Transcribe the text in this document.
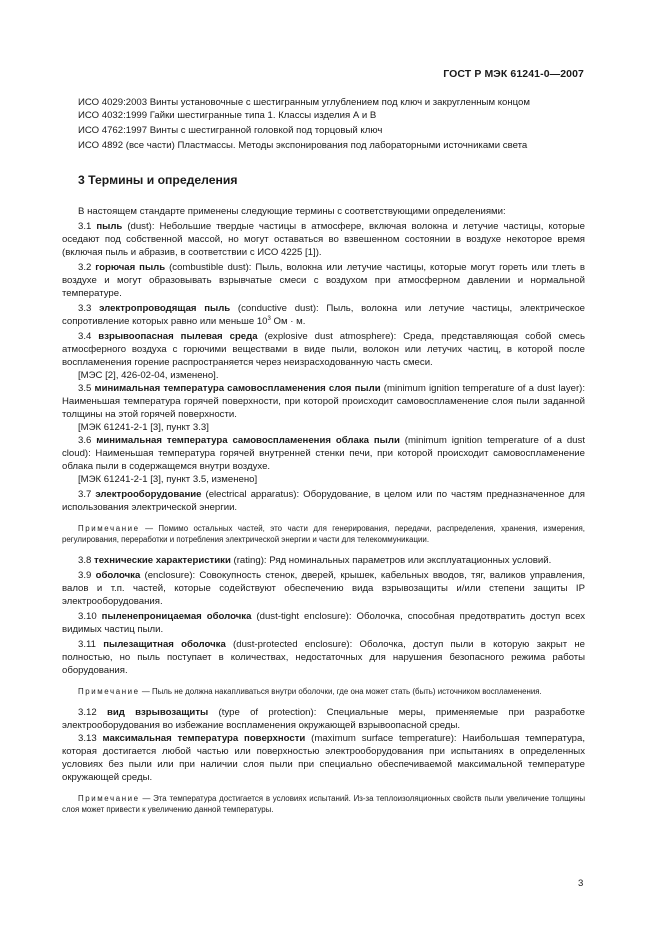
ГОСТ Р МЭК 61241-0—2007

ИСО 4029:2003 Винты установочные с шестигранным углублением под ключ и закругленным концом

ИСО 4032:1999 Гайки шестигранные типа 1. Классы изделия А и В

ИСО 4762:1997 Винты с шестигранной головкой под торцовый ключ

ИСО 4892 (все части) Пластмассы. Методы экспонирования под лабораторными источниками света

3 Термины и определения

В настоящем стандарте применены следующие термины с соответствующими определениями:

3.1 пыль (dust): Небольшие твердые частицы в атмосфере, включая волокна и летучие частицы, которые оседают под собственной массой, но могут оставаться во взвешенном состоянии в воздухе некоторое время (включая пыль и абразив, в соответствии с ИСО 4225 [1]).

3.2 горючая пыль (combustible dust): Пыль, волокна или летучие частицы, которые могут гореть или тлеть в воздухе и могут образовывать взрывчатые смеси с воздухом при атмосферном давлении и нормальной температуре.

3.3 электропроводящая пыль (conductive dust): Пыль, волокна или летучие частицы, электрическое сопротивление которых равно или меньше $10^3$ Ом · м.

3.4 взрывоопасная пылевая среда (explosive dust atmosphere): Среда, представляющая собой смесь атмосферного воздуха с горючими веществами в виде пыли, волокон или летучих частиц, в которой после воспламенения горение распространяется через неизрасходованную часть смеси.

[МЭС [2], 426-02-04, изменено].

3.5 минимальная температура самовоспламенения слоя пыли (minimum ignition temperature of a dust layer): Наименьшая температура горячей поверхности, при которой происходит самовоспламенение слоя пыли заданной толщины на этой горячей поверхности.

[МЭК 61241-2-1 [3], пункт 3.3]

3.6 минимальная температура самовоспламенения облака пыли (minimum ignition temperature of a dust cloud): Наименьшая температура горячей внутренней стенки печи, при которой происходит самовоспламенение облака пыли в содержащемся внутри воздухе.

[МЭК 61241-2-1 [3], пункт 3.5, изменено]

3.7 электрооборудование (electrical apparatus): Оборудование, в целом или по частям предназначенное для использования электрической энергии.

Примечание — Помимо остальных частей, это части для генерирования, передачи, распределения, хранения, измерения, регулирования, переработки и потребления электрической энергии и части для телекоммуникации.

3.8 технические характеристики (rating): Ряд номинальных параметров или эксплуатационных условий.

3.9 оболочка (enclosure): Совокупность стенок, дверей, крышек, кабельных вводов, тяг, валиков управления, валов и т.п. частей, которые содействуют обеспечению вида взрывозащиты и/или степени защиты IP электрооборудования.

3.10 пыленепроницаемая оболочка (dust-tight enclosure): Оболочка, способная предотвратить доступ всех видимых частиц пыли.

3.11 пылезащитная оболочка (dust-protected enclosure): Оболочка, доступ пыли в которую закрыт не полностью, но пыль поступает в количествах, недостаточных для нарушения безопасного режима работы оборудования.

Примечание — Пыль не должна накапливаться внутри оболочки, где она может стать (быть) источником воспламенения.

3.12 вид взрывозащиты (type of protection): Специальные меры, применяемые при разработке электрооборудования во избежание воспламенения окружающей взрывоопасной среды.

3.13 максимальная температура поверхности (maximum surface temperature): Наибольшая температура, которая достигается любой частью или поверхностью электрооборудования при испытаниях в определенных условиях без пыли или при наличии слоя пыли при специально обеспечиваемой максимальной температуре окружающей среды.

Примечание — Эта температура достигается в условиях испытаний. Из-за теплоизоляционных свойств пыли увеличение толщины слоя может привести к увеличению данной температуры.

3
